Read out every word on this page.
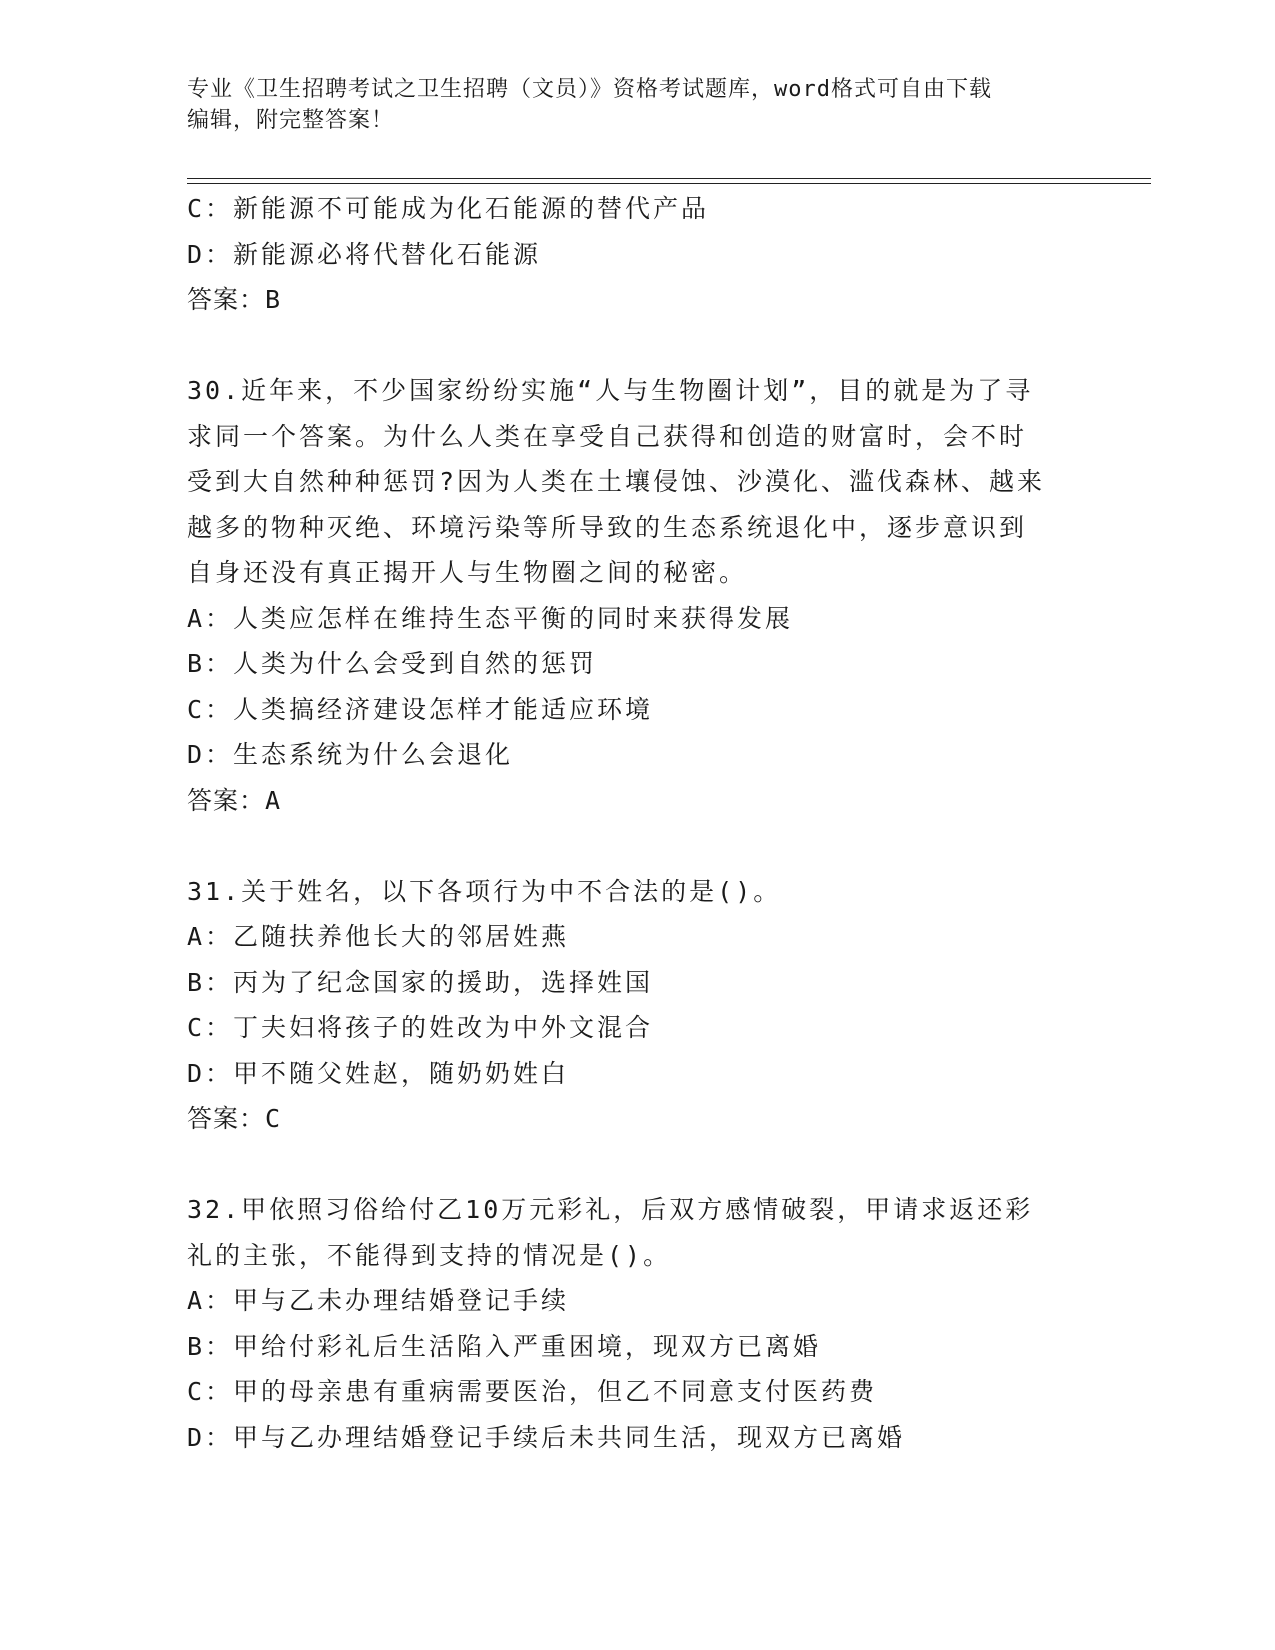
专业《卫生招聘考试之卫生招聘（文员）》资格考试题库，word格式可自由下载
编辑，附完整答案！
C：新能源不可能成为化石能源的替代产品
D：新能源必将代替化石能源
答案：B
30.近年来，不少国家纷纷实施“人与生物圈计划”，目的就是为了寻
求同一个答案。为什么人类在享受自己获得和创造的财富时，会不时
受到大自然种种惩罚?因为人类在土壤侵蚀、沙漠化、滥伐森林、越来
越多的物种灭绝、环境污染等所导致的生态系统退化中，逐步意识到
自身还没有真正揭开人与生物圈之间的秘密。
A：人类应怎样在维持生态平衡的同时来获得发展
B：人类为什么会受到自然的惩罚
C：人类搞经济建设怎样才能适应环境
D：生态系统为什么会退化
答案：A
31.关于姓名，以下各项行为中不合法的是()。
A：乙随扶养他长大的邻居姓燕
B：丙为了纪念国家的援助，选择姓国
C：丁夫妇将孩子的姓改为中外文混合
D：甲不随父姓赵，随奶奶姓白
答案：C
32.甲依照习俗给付乙10万元彩礼，后双方感情破裂，甲请求返还彩
礼的主张，不能得到支持的情况是()。
A：甲与乙未办理结婚登记手续
B：甲给付彩礼后生活陷入严重困境，现双方已离婚
C：甲的母亲患有重病需要医治，但乙不同意支付医药费
D：甲与乙办理结婚登记手续后未共同生活，现双方已离婚
